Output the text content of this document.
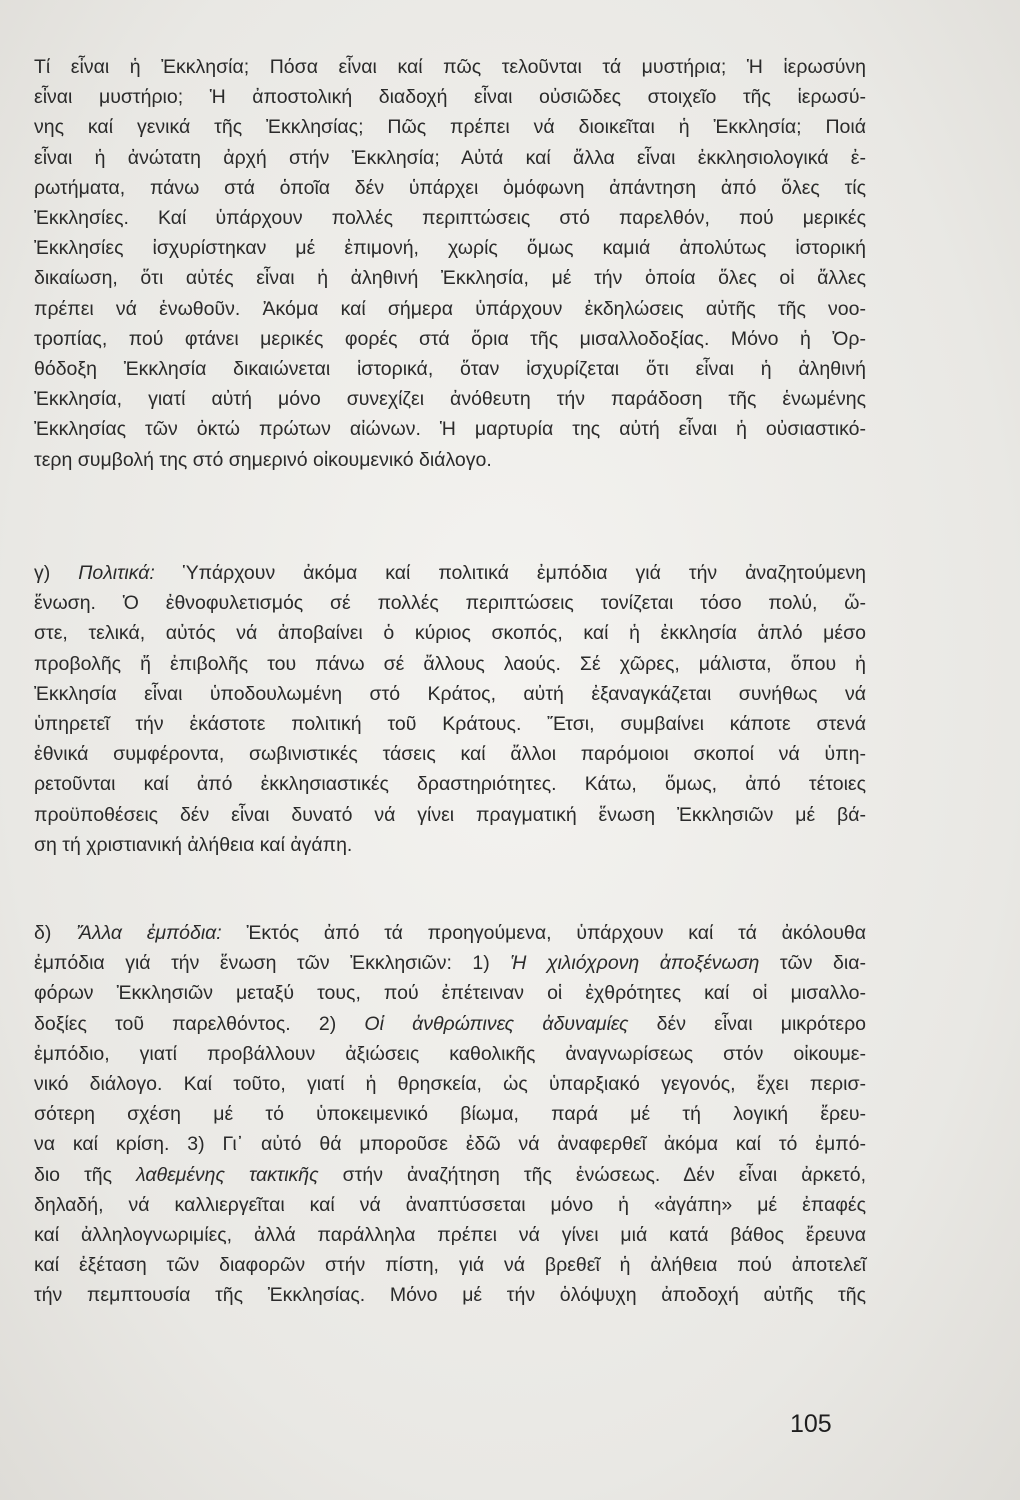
Τί εἶναι ἡ Ἐκκλησία; Πόσα εἶναι καί πῶς τελοῦνται τά μυστήρια; Ἡ ἱερωσύνη
εἶναι μυστήριο; Ἡ ἀποστολική διαδοχή εἶναι οὐσιῶδες στοιχεῖο τῆς ἱερωσύ-
νης καί γενικά τῆς Ἐκκλησίας; Πῶς πρέπει νά διοικεῖται ἡ Ἐκκλησία; Ποιά
εἶναι ἡ ἀνώτατη ἀρχή στήν Ἐκκλησία; Αὐτά καί ἄλλα εἶναι ἐκκλησιολογικά ἐ-
ρωτήματα, πάνω στά ὁποῖα δέν ὑπάρχει ὁμόφωνη ἀπάντηση ἀπό ὅλες τίς
Ἐκκλησίες. Καί ὑπάρχουν πολλές περιπτώσεις στό παρελθόν, πού μερικές
Ἐκκλησίες ἰσχυρίστηκαν μέ ἐπιμονή, χωρίς ὅμως καμιά ἀπολύτως ἱστορική
δικαίωση, ὅτι αὐτές εἶναι ἡ ἀληθινή Ἐκκλησία, μέ τήν ὁποία ὅλες οἱ ἄλλες
πρέπει νά ἑνωθοῦν. Ἀκόμα καί σήμερα ὑπάρχουν ἐκδηλώσεις αὐτῆς τῆς νοο-
τροπίας, πού φτάνει μερικές φορές στά ὅρια τῆς μισαλλοδοξίας. Μόνο ἡ Ὀρ-
θόδοξη Ἐκκλησία δικαιώνεται ἱστορικά, ὅταν ἰσχυρίζεται ὅτι εἶναι ἡ ἀληθινή
Ἐκκλησία, γιατί αὐτή μόνο συνεχίζει ἀνόθευτη τήν παράδοση τῆς ἑνωμένης
Ἐκκλησίας τῶν ὀκτώ πρώτων αἰώνων. Ἡ μαρτυρία της αὐτή εἶναι ἡ οὐσιαστικό-
τερη συμβολή της στό σημερινό οἰκουμενικό διάλογο.
γ) Πολιτικά: Ὑπάρχουν ἀκόμα καί πολιτικά ἐμπόδια γιά τήν ἀναζητούμενη
ἕνωση. Ὁ ἐθνοφυλετισμός σέ πολλές περιπτώσεις τονίζεται τόσο πολύ, ὥ-
στε, τελικά, αὐτός νά ἀποβαίνει ὁ κύριος σκοπός, καί ἡ ἐκκλησία ἁπλό μέσο
προβολῆς ἤ ἐπιβολῆς του πάνω σέ ἄλλους λαούς. Σέ χῶρες, μάλιστα, ὅπου ἡ
Ἐκκλησία εἶναι ὑποδουλωμένη στό Κράτος, αὐτή ἐξαναγκάζεται συνήθως νά
ὑπηρετεῖ τήν ἑκάστοτε πολιτική τοῦ Κράτους. Ἔτσι, συμβαίνει κάποτε στενά
ἐθνικά συμφέροντα, σωβινιστικές τάσεις καί ἄλλοι παρόμοιοι σκοποί νά ὑπη-
ρετοῦνται καί ἀπό ἐκκλησιαστικές δραστηριότητες. Κάτω, ὅμως, ἀπό τέτοιες
προϋποθέσεις δέν εἶναι δυνατό νά γίνει πραγματική ἕνωση Ἐκκλησιῶν μέ βά-
ση τή χριστιανική ἀλήθεια καί ἀγάπη.
δ) Ἄλλα ἐμπόδια: Ἐκτός ἀπό τά προηγούμενα, ὑπάρχουν καί τά ἀκόλουθα
ἐμπόδια γιά τήν ἕνωση τῶν Ἐκκλησιῶν: 1) Ἡ χιλιόχρονη ἀποξένωση τῶν δια-
φόρων Ἐκκλησιῶν μεταξύ τους, πού ἐπέτειναν οἱ ἐχθρότητες καί οἱ μισαλλο-
δοξίες τοῦ παρελθόντος. 2) Οἱ ἀνθρώπινες ἀδυναμίες δέν εἶναι μικρότερο
ἐμπόδιο, γιατί προβάλλουν ἀξιώσεις καθολικῆς ἀναγνωρίσεως στόν οἰκουμε-
νικό διάλογο. Καί τοῦτο, γιατί ἡ θρησκεία, ὡς ὑπαρξιακό γεγονός, ἔχει περισ-
σότερη σχέση μέ τό ὑποκειμενικό βίωμα, παρά μέ τή λογική ἔρευ-
να καί κρίση. 3) Γι᾽ αὐτό θά μποροῦσε ἐδῶ νά ἀναφερθεῖ ἀκόμα καί τό ἐμπό-
διο τῆς λαθεμένης τακτικῆς στήν ἀναζήτηση τῆς ἑνώσεως. Δέν εἶναι ἀρκετό,
δηλαδή, νά καλλιεργεῖται καί νά ἀναπτύσσεται μόνο ἡ «ἀγάπη» μέ ἐπαφές
καί ἀλληλογνωριμίες, ἀλλά παράλληλα πρέπει νά γίνει μιά κατά βάθος ἔρευνα
καί ἐξέταση τῶν διαφορῶν στήν πίστη, γιά νά βρεθεῖ ἡ ἀλήθεια πού ἀποτελεῖ
τήν πεμπτουσία τῆς Ἐκκλησίας. Μόνο μέ τήν ὁλόψυχη ἀποδοχή αὐτῆς τῆς
105
